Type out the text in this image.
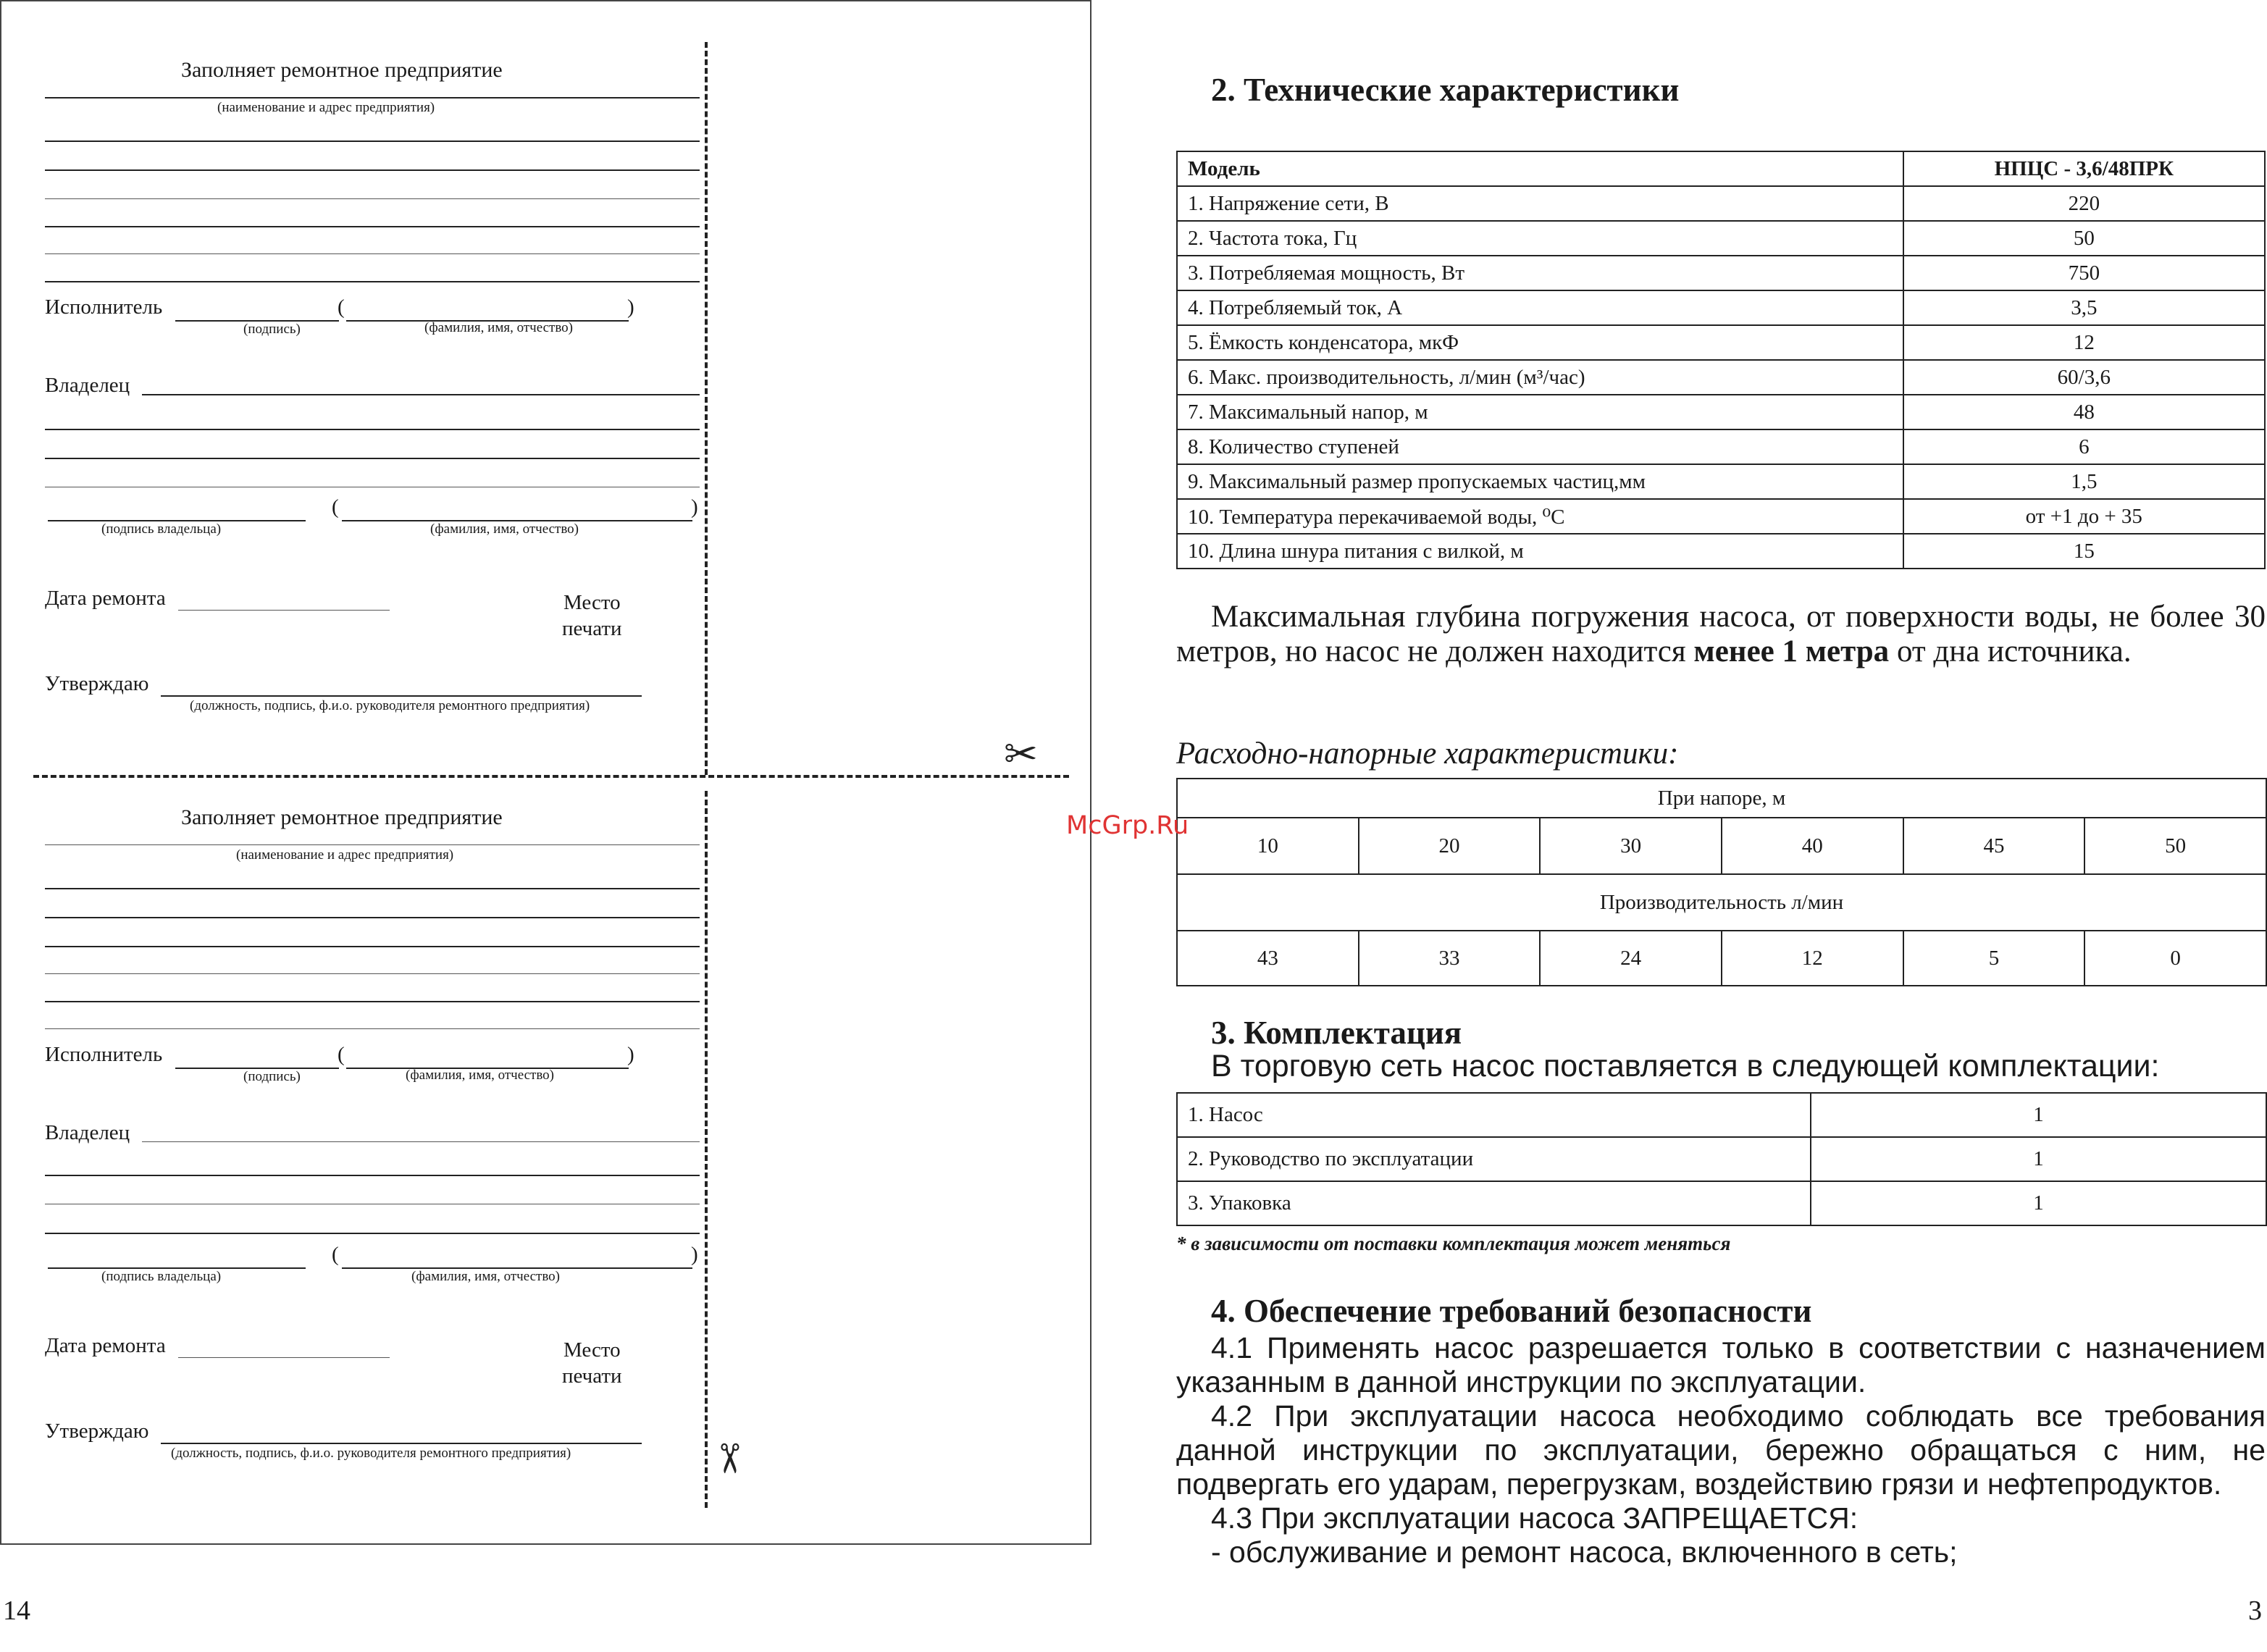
✂
✂
Заполняет ремонтное предприятие
(наименование и адрес предприятия)
Исполнитель	(	)
(подпись)	(фамилия, имя, отчество)
Владелец
(	)
(подпись владельца)	(фамилия, имя, отчество)
Дата ремонта	Место
печати
Утверждаю
(должность, подпись, ф.и.о. руководителя ремонтного предприятия)
Заполняет ремонтное предприятие
(наименование и адрес предприятия)
Исполнитель	(	)
(подпись)	(фамилия, имя, отчество)
Владелец
(	)
(подпись владельца)	(фамилия, имя, отчество)
Дата ремонта	Место
печати
Утверждаю
(должность, подпись, ф.и.о. руководителя ремонтного предприятия)
14
2. Технические характеристики
Модель	НПЦС - 3,6/48ПРК
1. Напряжение сети, В	220
2. Частота тока, Гц	50
3. Потребляемая мощность, Вт	750
4. Потребляемый ток, А	3,5
5. Ёмкость конденсатора, мкФ	12
6. Макс. производительность, л/мин (м³/час)	60/3,6
7. Максимальный напор, м	48
8. Количество ступеней	6
9. Максимальный размер пропускаемых частиц,мм	1,5
10. Температура перекачиваемой воды, ⁰С	от +1 до + 35
10. Длина шнура питания с вилкой, м	15

Максимальная глубина погружения насоса, от поверхности воды, не более 30 метров, но насос не должен находится менее 1 метра от дна источника.

Расходно-напорные характеристики:
При напоре, м					
10	20	30	40	45	50
Производительность л/мин					
43	33	24	12	5	0
McGrp.Ru
3. Комплектация
В торговую сеть насос поставляется в следующей комплектации:
1. Насос	1
2. Руководство по эксплуатации	1
3. Упаковка	1
* в зависимости от поставки комплектация может меняться
4. Обеспечение требований безопасности

4.1 Применять насос разрешается только в соответствии с назначением указанным в данной инструкции по эксплуатации.

4.2 При эксплуатации насоса необходимо соблюдать все требования данной инструкции по эксплуатации, бережно обращаться с ним, не подвергать его ударам, перегрузкам, воздействию грязи и нефтепродуктов.

4.3 При эксплуатации насоса ЗАПРЕЩАЕТСЯ:

- обслуживание и ремонт насоса, включенного в сеть;

3
